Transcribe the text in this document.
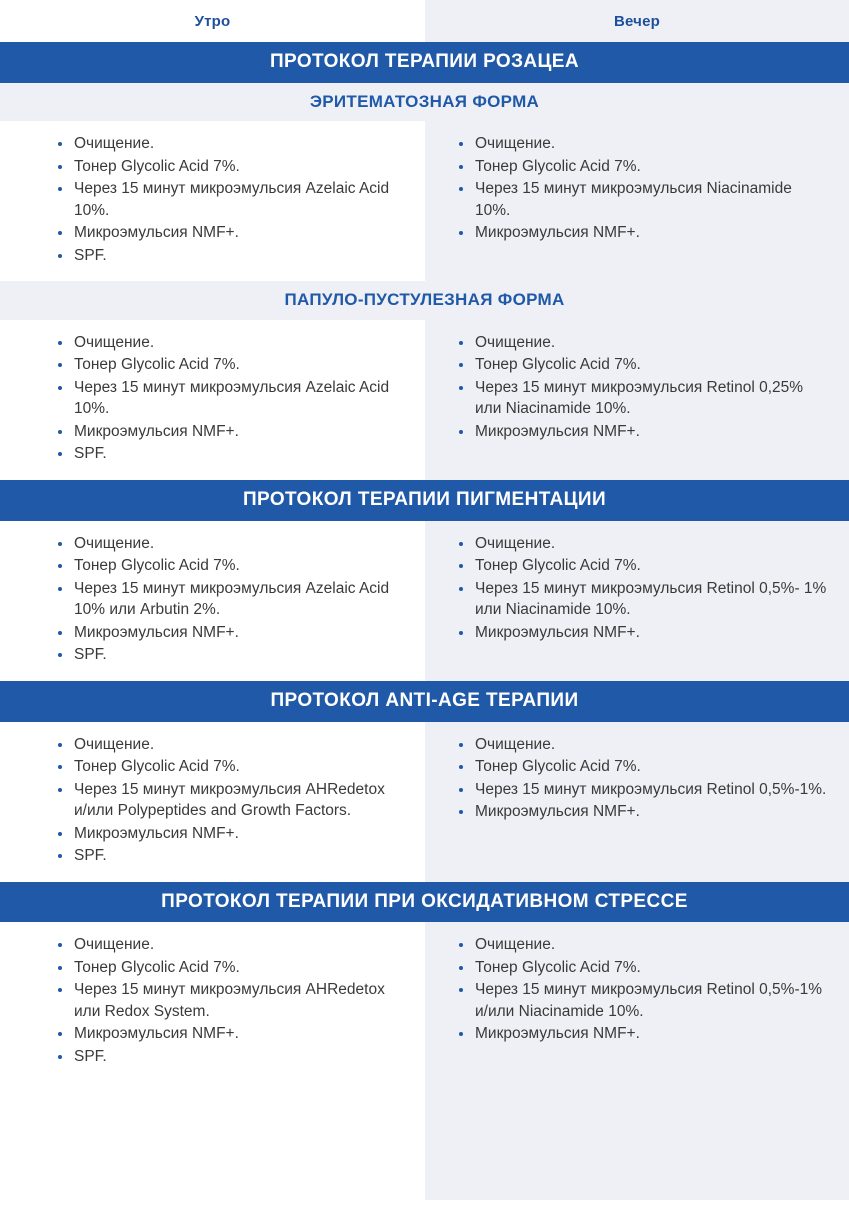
Утро	Вечер
ПРОТОКОЛ ТЕРАПИИ РОЗАЦЕА
ЭРИТЕМАТОЗНАЯ ФОРМА
Очищение.
Тонер Glycolic Acid 7%.
Через 15 минут микроэмульсия Azelaic Acid 10%.
Микроэмульсия NMF+.
SPF.
Очищение.
Тонер Glycolic Acid 7%.
Через 15 минут микроэмульсия Niacinamide 10%.
Микроэмульсия NMF+.
ПАПУЛО-ПУСТУЛЕЗНАЯ ФОРМА
Очищение.
Тонер Glycolic Acid 7%.
Через 15 минут микроэмульсия Azelaic Acid 10%.
Микроэмульсия NMF+.
SPF.
Очищение.
Тонер Glycolic Acid 7%.
Через 15 минут микроэмульсия Retinol 0,25% или Niacinamide 10%.
Микроэмульсия NMF+.
ПРОТОКОЛ ТЕРАПИИ ПИГМЕНТАЦИИ
Очищение.
Тонер Glycolic Acid 7%.
Через 15 минут микроэмульсия Azelaic Acid 10% или Arbutin 2%.
Микроэмульсия NMF+.
SPF.
Очищение.
Тонер Glycolic Acid 7%.
Через 15 минут микроэмульсия Retinol 0,5%- 1% или Niacinamide 10%.
Микроэмульсия NMF+.
ПРОТОКОЛ ANTI-AGE ТЕРАПИИ
Очищение.
Тонер Glycolic Acid 7%.
Через 15 минут микроэмульсия AHRedetox и/или Polypeptides and Growth Factors.
Микроэмульсия NMF+.
SPF.
Очищение.
Тонер Glycolic Acid 7%.
Через 15 минут микроэмульсия Retinol 0,5%-1%.
Микроэмульсия NMF+.
ПРОТОКОЛ ТЕРАПИИ ПРИ ОКСИДАТИВНОМ СТРЕССЕ
Очищение.
Тонер Glycolic Acid 7%.
Через 15 минут микроэмульсия AHRedetox или Redox System.
Микроэмульсия NMF+.
SPF.
Очищение.
Тонер Glycolic Acid 7%.
Через 15 минут микроэмульсия Retinol 0,5%-1% и/или Niacinamide 10%.
Микроэмульсия NMF+.
